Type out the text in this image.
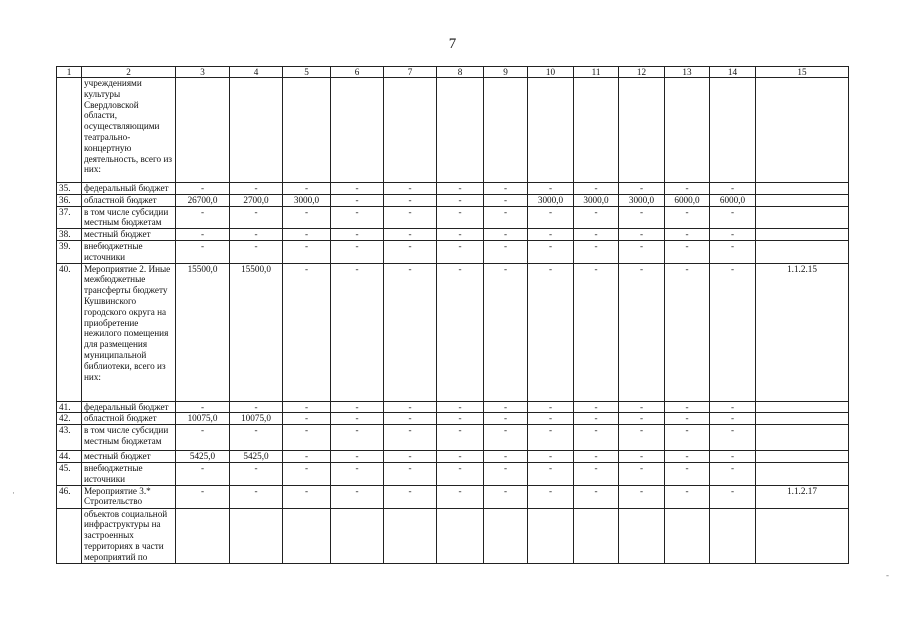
7
1	2	3	4	5	6	7	8	9	10	11	12	13	14	15
	учреждениями культуры Свердловской области, осуществляющими театрально-концертную деятельность, всего из них:													
35.	федеральный бюджет	-	-	-	-	-	-	-	-	-	-	-	-	
36.	областной бюджет	26700,0	2700,0	3000,0	-	-	-	-	3000,0	3000,0	3000,0	6000,0	6000,0	
37.	в том числе субсидии местным бюджетам	-	-	-	-	-	-	-	-	-	-	-	-	
38.	местный бюджет	-	-	-	-	-	-	-	-	-	-	-	-	
39.	внебюджетные источники	-	-	-	-	-	-	-	-	-	-	-	-	
40.	Мероприятие 2. Иные межбюджетные трансферты бюджету Кушвинского городского округа на приобретение нежилого помещения для размещения муниципальной библиотеки, всего из них:	15500,0	15500,0	-	-	-	-	-	-	-	-	-	-	1.1.2.15
41.	федеральный бюджет	-	-	-	-	-	-	-	-	-	-	-	-	
42.	областной бюджет	10075,0	10075,0	-	-	-	-	-	-	-	-	-	-	
43.	в том числе субсидии местным бюджетам	-	-	-	-	-	-	-	-	-	-	-	-	
44.	местный бюджет	5425,0	5425,0	-	-	-	-	-	-	-	-	-	-	
45.	внебюджетные источники	-	-	-	-	-	-	-	-	-	-	-	-	
46.	Мероприятие 3.* Строительство	-	-	-	-	-	-	-	-	-	-	-	-	1.1.2.17
	объектов социальной инфраструктуры на застроенных территориях в части мероприятий по													
·
-
